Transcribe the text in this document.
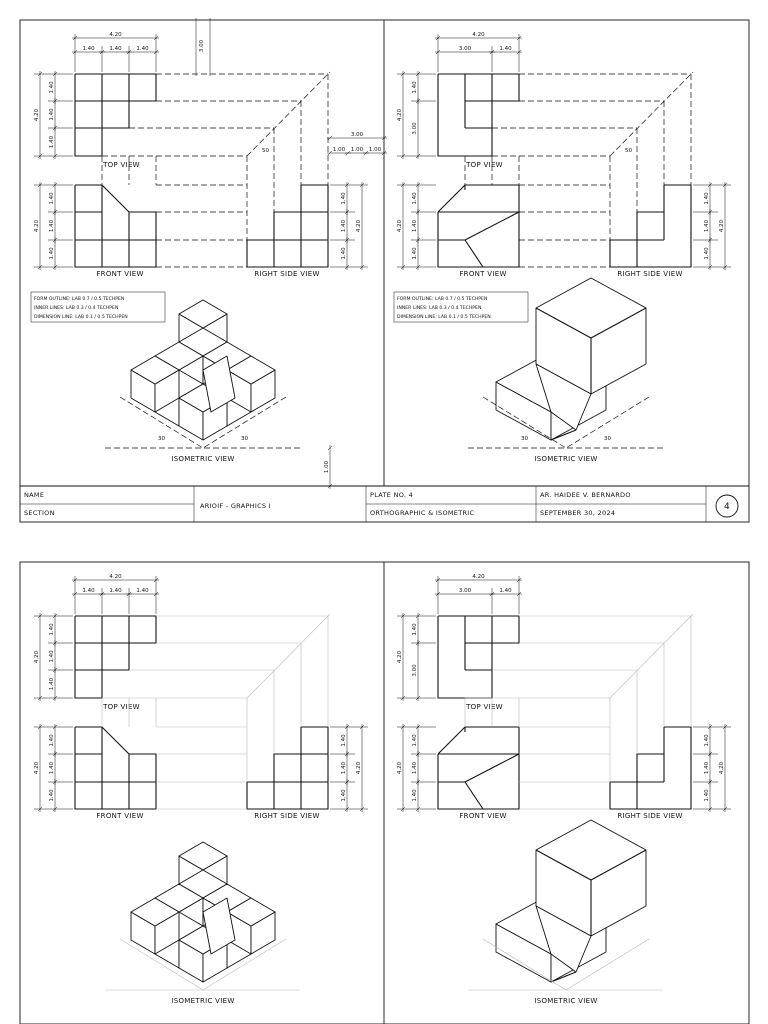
NAME
SECTION
ARIOIF - GRAPHICS I
PLATE NO. 4
ORTHOGRAPHIC & ISOMETRIC
AR. HAIDEE V. BERNARDO
SEPTEMBER 30, 2024
4
TOP VIEW
FRONT VIEW	RIGHT SIDE VIEW
4.20
1.40	1.40	1.40
4.20
1.40
1.40
1.40
4.20
1.40
1.40
1.40
1.40
1.40
1.40
4.20
ISOMETRIC VIEW
30	30
FORM OUTLINE: LAB 0.7 / 0.5 TECHPEN
INNER LINES: LAB 0.3 / 0.4 TECHPEN
DIMENSION LINE: LAB 0.1 / 0.5 TECHPEN
50
3.00
3.00
1.00 1.00 1.00
1.00
TOP VIEW
FRONT VIEW	RIGHT SIDE VIEW
4.20
3.00	1.40
4.20
1.40
3.00
4.20
1.40
1.40
1.40
1.40
1.40
1.40
4.20
ISOMETRIC VIEW
30	30
FORM OUTLINE: LAB 0.7 / 0.5 TECHPEN
INNER LINES: LAB 0.3 / 0.4 TECHPEN
DIMENSION LINE: LAB 0.1 / 0.5 TECHPEN
50
TOP VIEW
FRONT VIEW	RIGHT SIDE VIEW
4.20
1.40	1.40	1.40
4.20
1.40
1.40
1.40
4.20
1.40
1.40
1.40
1.40
1.40
1.40
4.20
ISOMETRIC VIEW
TOP VIEW
FRONT VIEW	RIGHT SIDE VIEW
4.20
3.00	1.40
4.20
1.40
3.00
4.20
1.40
1.40
1.40
1.40
1.40
1.40
4.20
ISOMETRIC VIEW
